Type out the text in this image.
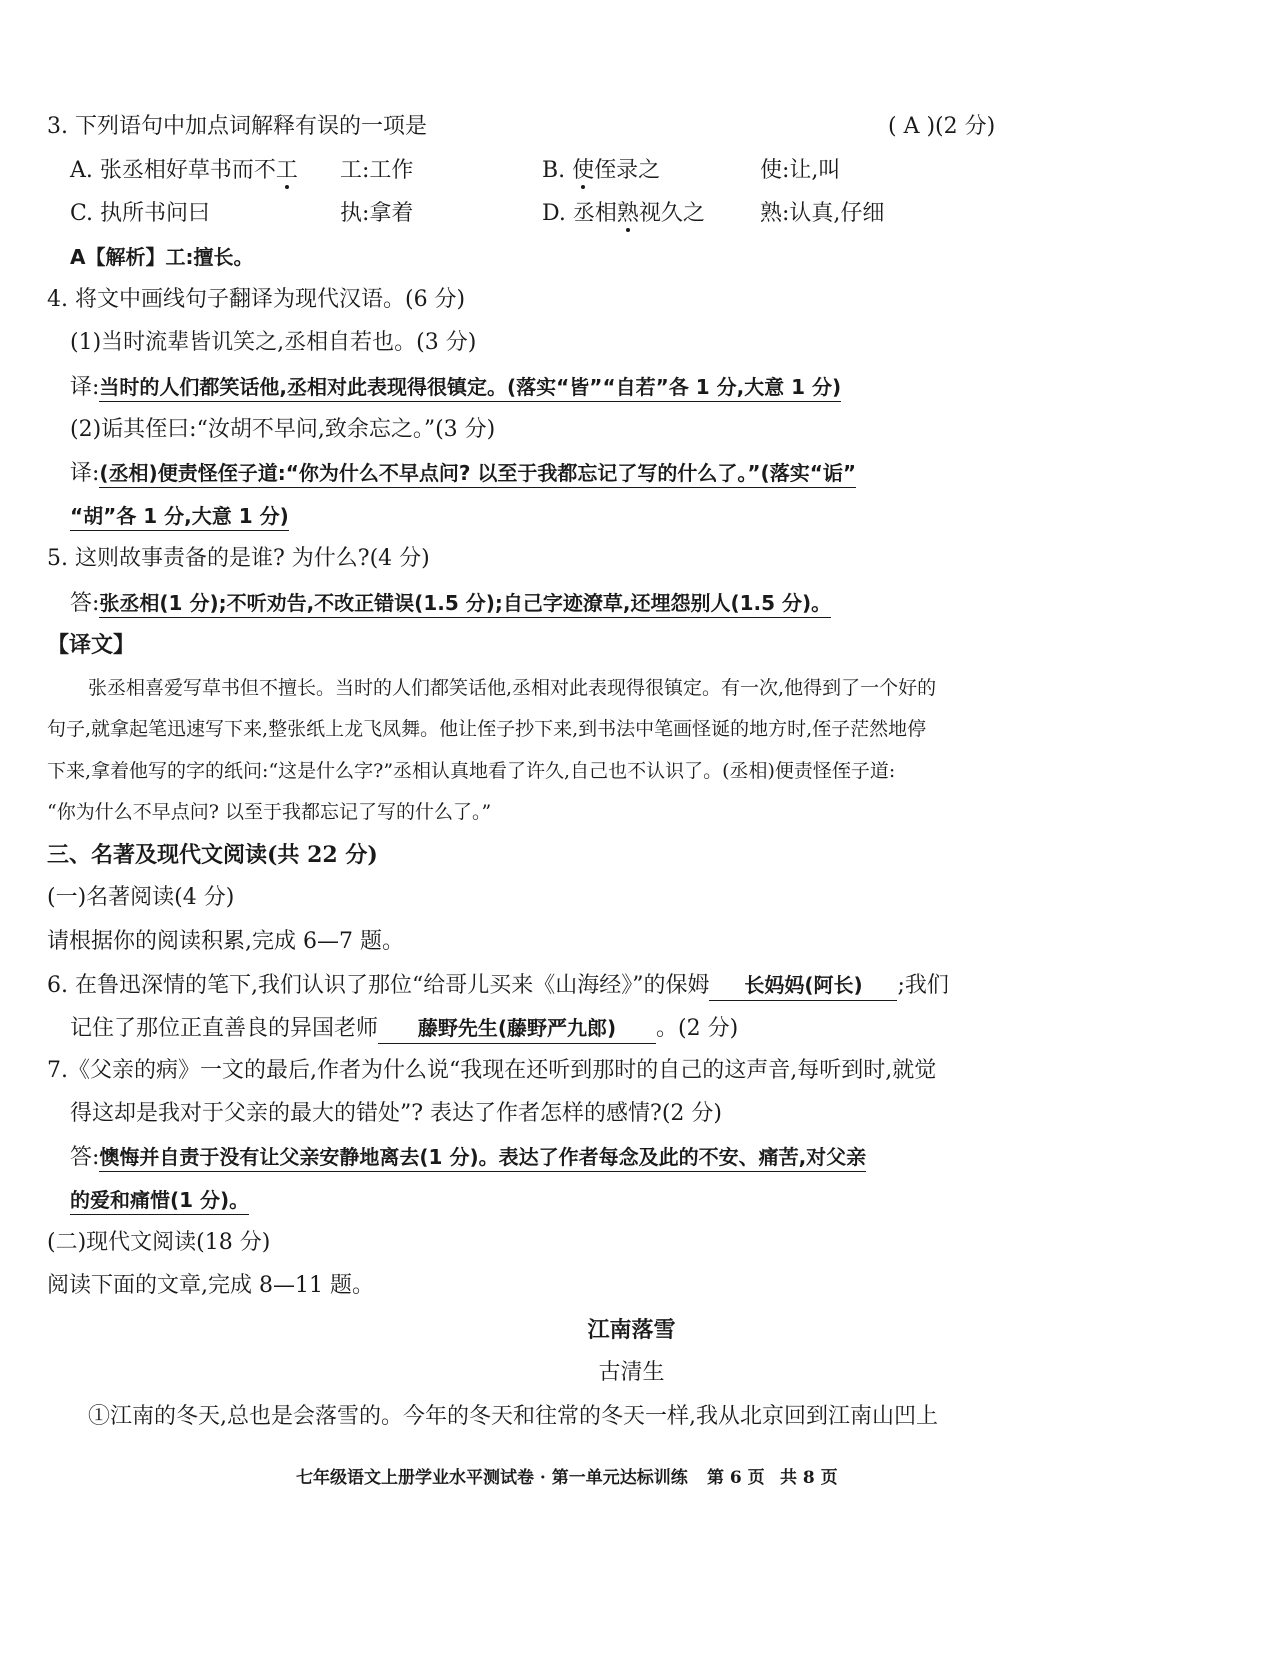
3. 下列语句中加点词解释有误的一项是	( A )(2 分)
A. 张丞相好草书而不工 工:工作	B. 使侄录之	使:让,叫
C. 执所书问曰	执:拿着	D. 丞相熟视久之	熟:认真,仔细
A【解析】工:擅长。
4. 将文中画线句子翻译为现代汉语。(6 分)
(1)当时流辈皆讥笑之,丞相自若也。(3 分)
译:当时的人们都笑话他,丞相对此表现得很镇定。(落实“皆”“自若”各 1 分,大意 1 分)
(2)诟其侄曰:“汝胡不早问,致余忘之。”(3 分)
译:(丞相)便责怪侄子道:“你为什么不早点问? 以至于我都忘记了写的什么了。”(落实“诟”
“胡”各 1 分,大意 1 分)
5. 这则故事责备的是谁? 为什么?(4 分)
答:张丞相(1 分);不听劝告,不改正错误(1.5 分);自己字迹潦草,还埋怨别人(1.5 分)。
【译文】
张丞相喜爱写草书但不擅长。当时的人们都笑话他,丞相对此表现得很镇定。有一次,他得到了一个好的
句子,就拿起笔迅速写下来,整张纸上龙飞凤舞。他让侄子抄下来,到书法中笔画怪诞的地方时,侄子茫然地停
下来,拿着他写的字的纸问:“这是什么字?”丞相认真地看了许久,自己也不认识了。(丞相)便责怪侄子道:
“你为什么不早点问? 以至于我都忘记了写的什么了。”
三、名著及现代文阅读(共 22 分)
(一)名著阅读(4 分)
请根据你的阅读积累,完成 6—7 题。
6. 在鲁迅深情的笔下,我们认识了那位“给哥儿买来《山海经》”的保姆 长妈妈(阿长) ;我们
记住了那位正直善良的异国老师 藤野先生(藤野严九郎) 。(2 分)
7.《父亲的病》一文的最后,作者为什么说“我现在还听到那时的自己的这声音,每听到时,就觉
得这却是我对于父亲的最大的错处”? 表达了作者怎样的感情?(2 分)
答:懊悔并自责于没有让父亲安静地离去(1 分)。表达了作者每念及此的不安、痛苦,对父亲
的爱和痛惜(1 分)。
(二)现代文阅读(18 分)
阅读下面的文章,完成 8—11 题。
江南落雪
古清生
①江南的冬天,总也是会落雪的。今年的冬天和往常的冬天一样,我从北京回到江南山凹上
七年级语文上册学业水平测试卷 · 第一单元达标训练 第 6 页 共 8 页
